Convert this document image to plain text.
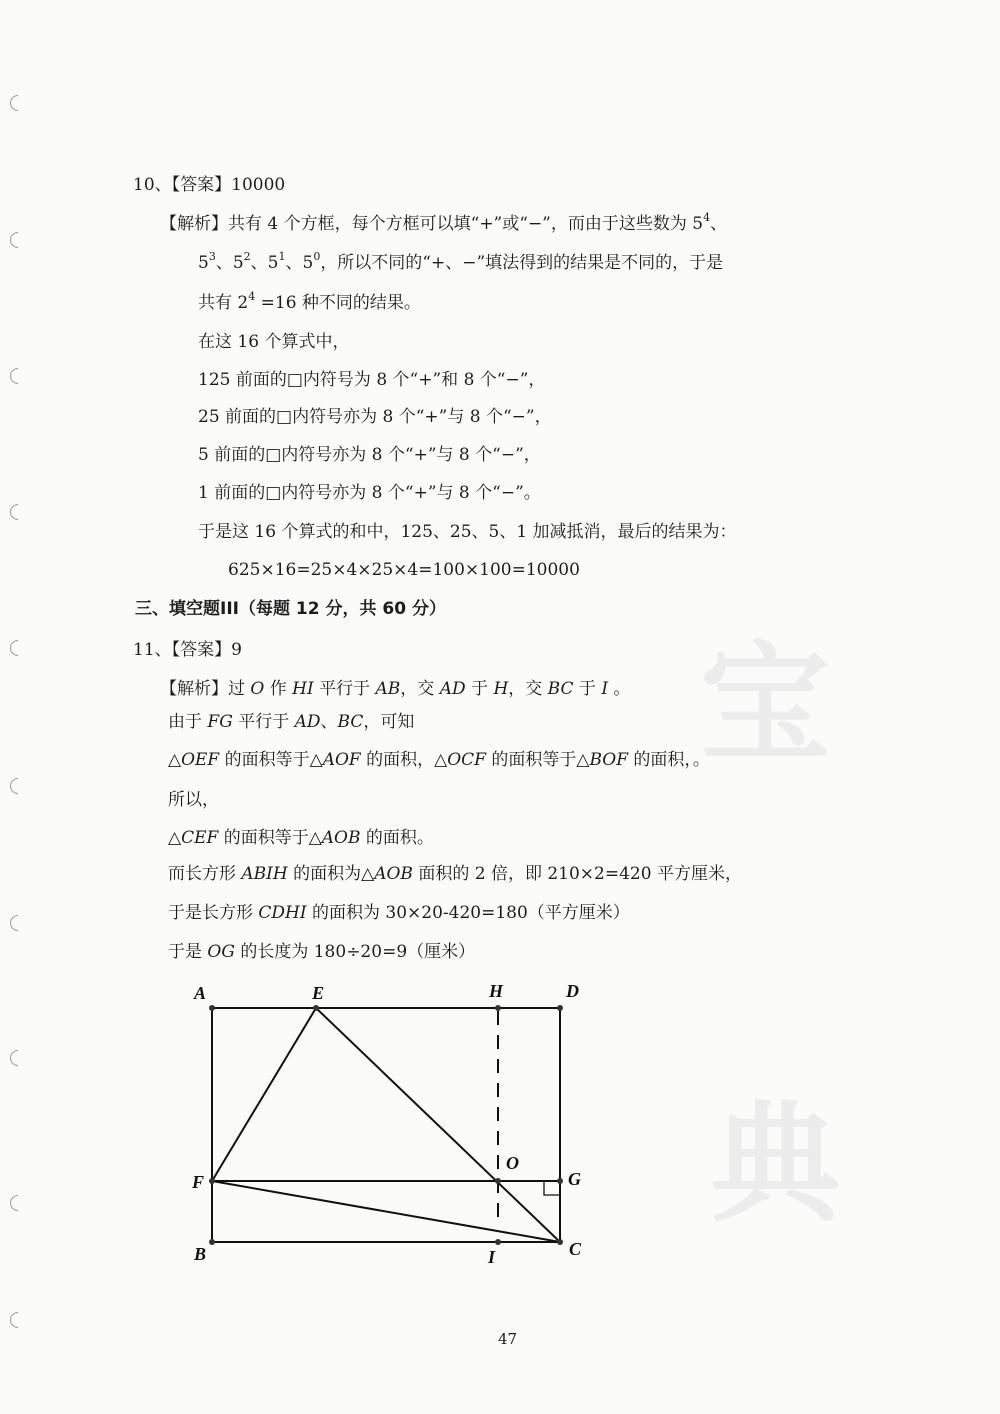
宝
典
10、【答案】10000
【解析】共有 4 个方框，每个方框可以填“+”或“−”，而由于这些数为 $5^4$、
$5^3$、$5^2$、$5^1$、$5^0$，所以不同的“+、−”填法得到的结果是不同的，于是
共有 $2^4 =16$ 种不同的结果。
在这 16 个算式中，
125 前面的□内符号为 8 个“+”和 8 个“−”，
25 前面的□内符号亦为 8 个“+”与 8 个“−”，
5 前面的□内符号亦为 8 个“+”与 8 个“−”，
1 前面的□内符号亦为 8 个“+”与 8 个“−”。
于是这 16 个算式的和中，125、25、5、1 加减抵消，最后的结果为：
625×16=25×4×25×4=100×100=10000
三、填空题III（每题 12 分，共 60 分）
11、【答案】9
【解析】过 O 作 HI 平行于 AB，交 AD 于 H，交 BC 于 I 。
由于 FG 平行于 AD、BC，可知
△OEF 的面积等于△AOF 的面积，△OCF 的面积等于△BOF 的面积，。
所以，
△CEF 的面积等于△AOB 的面积。
而长方形 ABIH 的面积为△AOB 面积的 2 倍，即 210×2=420 平方厘米，
于是长方形 CDHI 的面积为 30×20-420=180（平方厘米）
于是 OG 的长度为 180÷20=9（厘米）
A	E	H	D
O
G
F
B	I	C
47
